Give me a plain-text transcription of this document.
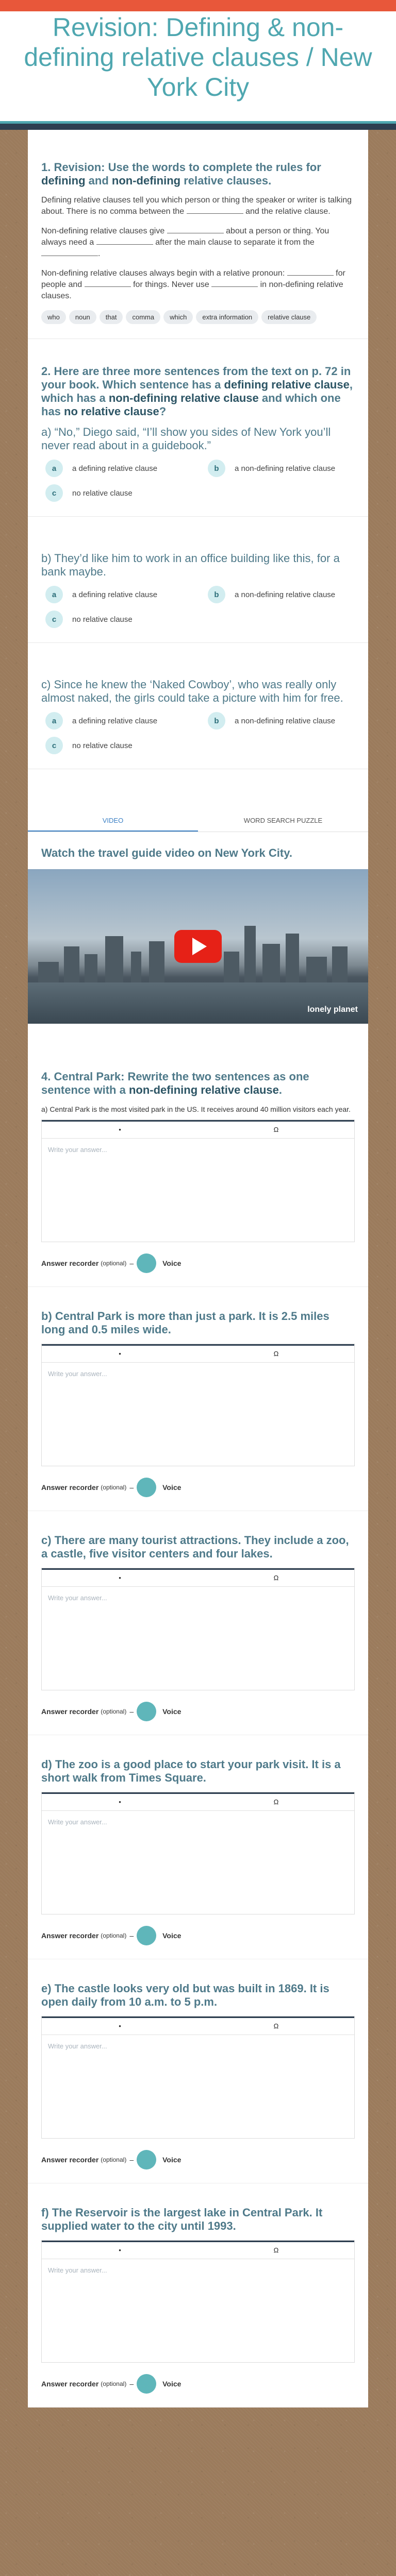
Revision: Defining & non-defining relative clauses / New York City
1. Revision: Use the words to complete the rules for defining and non-defining relative clauses.

Defining relative clauses tell you which person or thing the speaker or writer is talking about. There is no comma between the	and the relative clause.

Non-defining relative clauses give	about a person or thing. You always need a	after the main clause to separate it from the .

Non-defining relative clauses always begin with a relative pronoun:	for people and	for things. Never use	in non-defining relative clauses.

who	noun	that	comma	which	extra information	relative clause
2. Here are three more sentences from the text on p. 72 in your book. Which sentence has a defining relative clause, which has a non-defining relative clause and which one has no relative clause?

a) “No,” Diego said, “I’ll show you sides of New York you’ll never read about in a guidebook.”

a	a defining relative clause	b	a non-defining relative clause
c	no relative clause

b) They’d like him to work in an office building like this, for a bank maybe.

a	a defining relative clause	b	a non-defining relative clause
c	no relative clause

c) Since he knew the ‘Naked Cowboy’, who was really only almost naked, the girls could take a picture with him for free.

a	a defining relative clause	b	a non-defining relative clause
c	no relative clause
VIDEO	WORD SEARCH PUZZLE
Watch the travel guide video on New York City.
lonely planet
4. Central Park: Rewrite the two sentences as one sentence with a non-defining relative clause.

a) Central Park is the most visited park in the US. It receives around 40 million visitors each year.

•	Ω
Write your answer...
Answer recorder (optional) –	Voice
b) Central Park is more than just a park. It is 2.5 miles long and 0.5 miles wide.
•	Ω
Write your answer...
Answer recorder (optional) –	Voice
c) There are many tourist attractions. They include a zoo, a castle, five visitor centers and four lakes.
•	Ω
Write your answer...
Answer recorder (optional) –	Voice
d) The zoo is a good place to start your park visit. It is a short walk from Times Square.
•	Ω
Write your answer...
Answer recorder (optional) –	Voice
e) The castle looks very old but was built in 1869. It is open daily from 10 a.m. to 5 p.m.
•	Ω
Write your answer...
Answer recorder (optional) –	Voice
f) The Reservoir is the largest lake in Central Park. It supplied water to the city until 1993.
•	Ω
Write your answer...
Answer recorder (optional) –	Voice
